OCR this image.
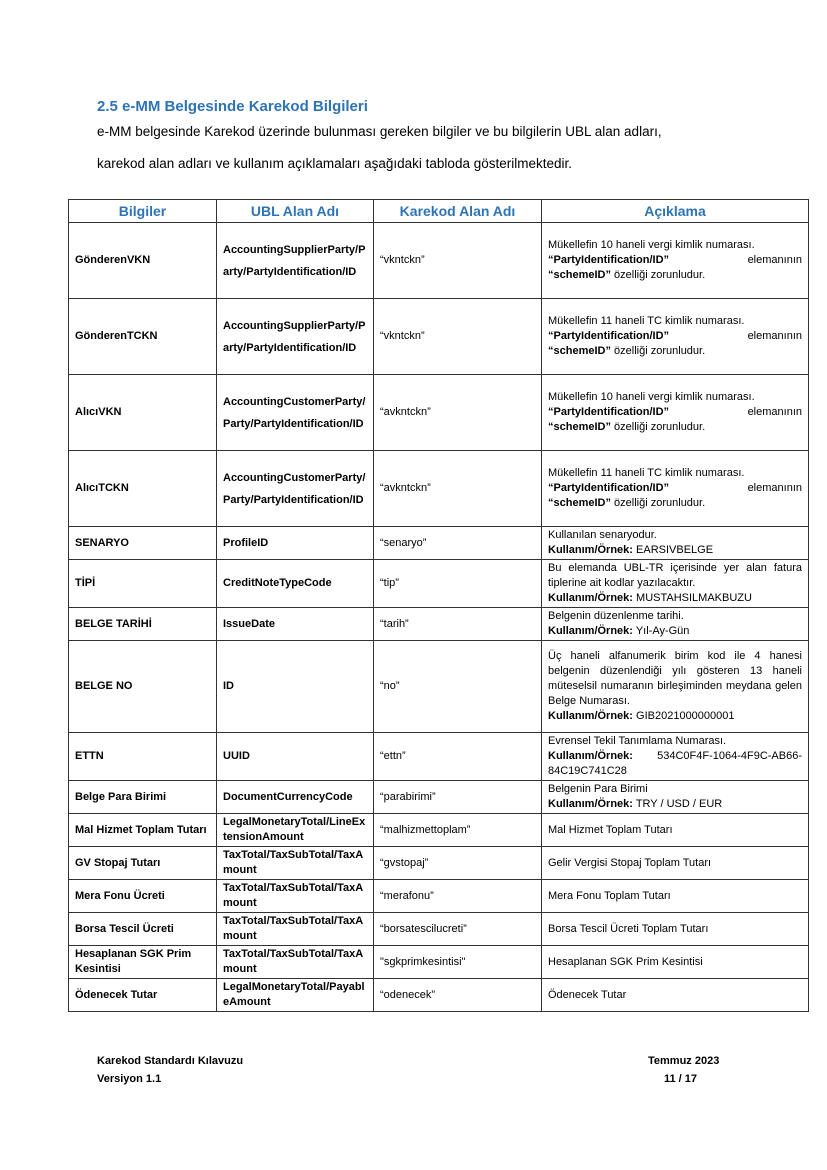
2.5 e-MM Belgesinde Karekod Bilgileri
e-MM belgesinde Karekod üzerinde bulunması gereken bilgiler ve bu bilgilerin UBL alan adları,
karekod alan adları ve kullanım açıklamaları aşağıdaki tabloda gösterilmektedir.
Bilgiler	UBL Alan Adı	Karekod Alan Adı	Açıklama
GönderenVKN	AccountingSupplierParty/Party/PartyIdentification/ID	“vkntckn”	Mükellefin 10 haneli vergi kimlik numarası.
“PartyIdentification/ID” elemanının
“schemeID” özelliği zorunludur.

GönderenTCKN	AccountingSupplierParty/Party/PartyIdentification/ID	“vkntckn”	Mükellefin 11 haneli TC kimlik numarası.
“PartyIdentification/ID” elemanının
“schemeID” özelliği zorunludur.

AlıcıVKN	AccountingCustomerParty/Party/PartyIdentification/ID	“avkntckn”	Mükellefin 10 haneli vergi kimlik numarası.
“PartyIdentification/ID” elemanının
“schemeID” özelliği zorunludur.

AlıcıTCKN	AccountingCustomerParty/Party/PartyIdentification/ID	“avkntckn”	Mükellefin 11 haneli TC kimlik numarası.
“PartyIdentification/ID” elemanının
“schemeID” özelliği zorunludur.

SENARYO	ProfileID	“senaryo”	Kullanılan senaryodur.
Kullanım/Örnek: EARSIVBELGE

TİPİ	CreditNoteTypeCode	“tip”	Bu elemanda UBL-TR içerisinde yer alan fatura tiplerine ait kodlar yazılacaktır.
Kullanım/Örnek: MUSTAHSILMAKBUZU

BELGE TARİHİ	IssueDate	“tarih”	Belgenin düzenlenme tarihi.
Kullanım/Örnek: Yıl-Ay-Gün

BELGE NO	ID	“no”	Üç haneli alfanumerik birim kod ile 4 hanesi belgenin düzenlendiği yılı gösteren 13 haneli müteselsil numaranın birleşiminden meydana gelen Belge Numarası.
Kullanım/Örnek: GIB2021000000001

ETTN	UUID	“ettn”	Evrensel Tekil Tanımlama Numarası.
Kullanım/Örnek: 534C0F4F-1064-4F9C-AB66-84C19C741C28

Belge Para Birimi	DocumentCurrencyCode	“parabirimi”	Belgenin Para Birimi
Kullanım/Örnek: TRY / USD / EUR

Mal Hizmet Toplam Tutarı	LegalMonetaryTotal/LineExtensionAmount	“malhizmettoplam”	Mal Hizmet Toplam Tutarı
GV Stopaj Tutarı	TaxTotal/TaxSubTotal/TaxAmount	“gvstopaj”	Gelir Vergisi Stopaj Toplam Tutarı
Mera Fonu Ücreti	TaxTotal/TaxSubTotal/TaxAmount	“merafonu”	Mera Fonu Toplam Tutarı
Borsa Tescil Ücreti	TaxTotal/TaxSubTotal/TaxAmount	“borsatescilucreti”	Borsa Tescil Ücreti Toplam Tutarı
Hesaplanan SGK Prim Kesintisi	TaxTotal/TaxSubTotal/TaxAmount	"sgkprimkesintisi"	Hesaplanan SGK Prim Kesintisi
Ödenecek Tutar	LegalMonetaryTotal/PayableAmount	“odenecek”	Ödenecek Tutar
Karekod Standardı Kılavuzu
Versiyon 1.1
Temmuz 2023
11 / 17
